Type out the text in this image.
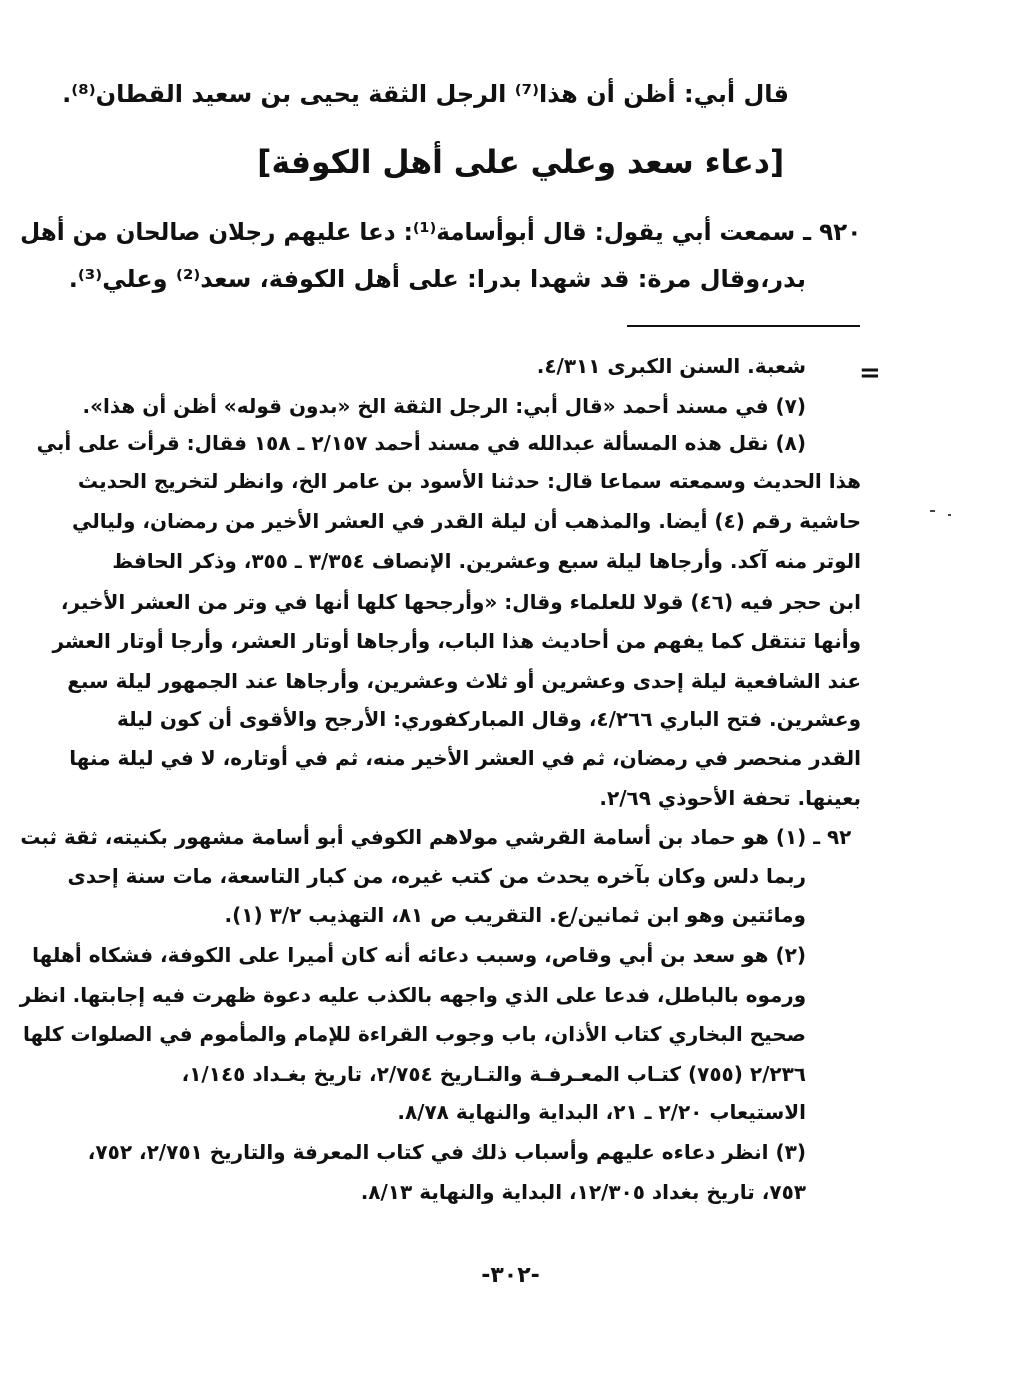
قال أبي: أظن أن هذا⁽⁷⁾ الرجل الثقة يحيى بن سعيد القطان⁽⁸⁾.
[دعاء سعد وعلي على أهل الكوفة]
٩٢٠ ـ سمعت أبي يقول: قال أبوأسامة⁽¹⁾: دعا عليهم رجلان صالحان من أهل
بدر،وقال مرة: قد شهدا بدرا: على أهل الكوفة، سعد⁽²⁾ وعلي⁽³⁾.
=
شعبة. السنن الكبرى ٤/٣١١.
(٧) في مسند أحمد «قال أبي: الرجل الثقة الخ «بدون قوله» أظن أن هذا».
(٨) نقل هذه المسألة عبدالله في مسند أحمد ٢/١٥٧ ـ ١٥٨ فقال: قرأت على أبي
هذا الحديث وسمعته سماعا قال: حدثنا الأسود بن عامر الخ، وانظر لتخريج الحديث
حاشية رقم (٤) أيضا. والمذهب أن ليلة القدر في العشر الأخير من رمضان، وليالي
الوتر منه آكد. وأرجاها ليلة سبع وعشرين. الإنصاف ٣/٣٥٤ ـ ٣٥٥، وذكر الحافظ
ابن حجر فيه (٤٦) قولا للعلماء وقال: «وأرجحها كلها أنها في وتر من العشر الأخير،
وأنها تنتقل كما يفهم من أحاديث هذا الباب، وأرجاها أوتار العشر، وأرجا أوتار العشر
عند الشافعية ليلة إحدى وعشرين أو ثلاث وعشرين، وأرجاها عند الجمهور ليلة سبع
وعشرين. فتح الباري ٤/٢٦٦، وقال المباركفوري: الأرجح والأقوى أن كون ليلة
القدر منحصر في رمضان، ثم في العشر الأخير منه، ثم في أوتاره، لا في ليلة منها
بعينها. تحفة الأحوذي ٢/٦٩.
٩٢ ـ (١) هو حماد بن أسامة القرشي مولاهم الكوفي أبو أسامة مشهور بكنيته، ثقة ثبت
ربما دلس وكان بآخره يحدث من كتب غيره، من كبار التاسعة، مات سنة إحدى
ومائتين وهو ابن ثمانين/ع. التقريب ص ٨١، التهذيب ٣/٢ (١).
(٢) هو سعد بن أبي وقاص، وسبب دعائه أنه كان أميرا على الكوفة، فشكاه أهلها
ورموه بالباطل، فدعا على الذي واجهه بالكذب عليه دعوة ظهرت فيه إجابتها. انظر
صحيح البخاري كتاب الأذان، باب وجوب القراءة للإمام والمأموم في الصلوات كلها
٢/٢٣٦ (٧٥٥) كتـاب المعـرفـة والتـاريخ ٢/٧٥٤، تاريخ بغـداد ١/١٤٥،
الاستيعاب ٢/٢٠ ـ ٢١، البداية والنهاية ٨/٧٨.
(٣) انظر دعاءه عليهم وأسباب ذلك في كتاب المعرفة والتاريخ ٢/٧٥١، ٧٥٢،
٧٥٣، تاريخ بغداد ١٢/٣٠٥، البداية والنهاية ٨/١٣.
-٣٠٢-
